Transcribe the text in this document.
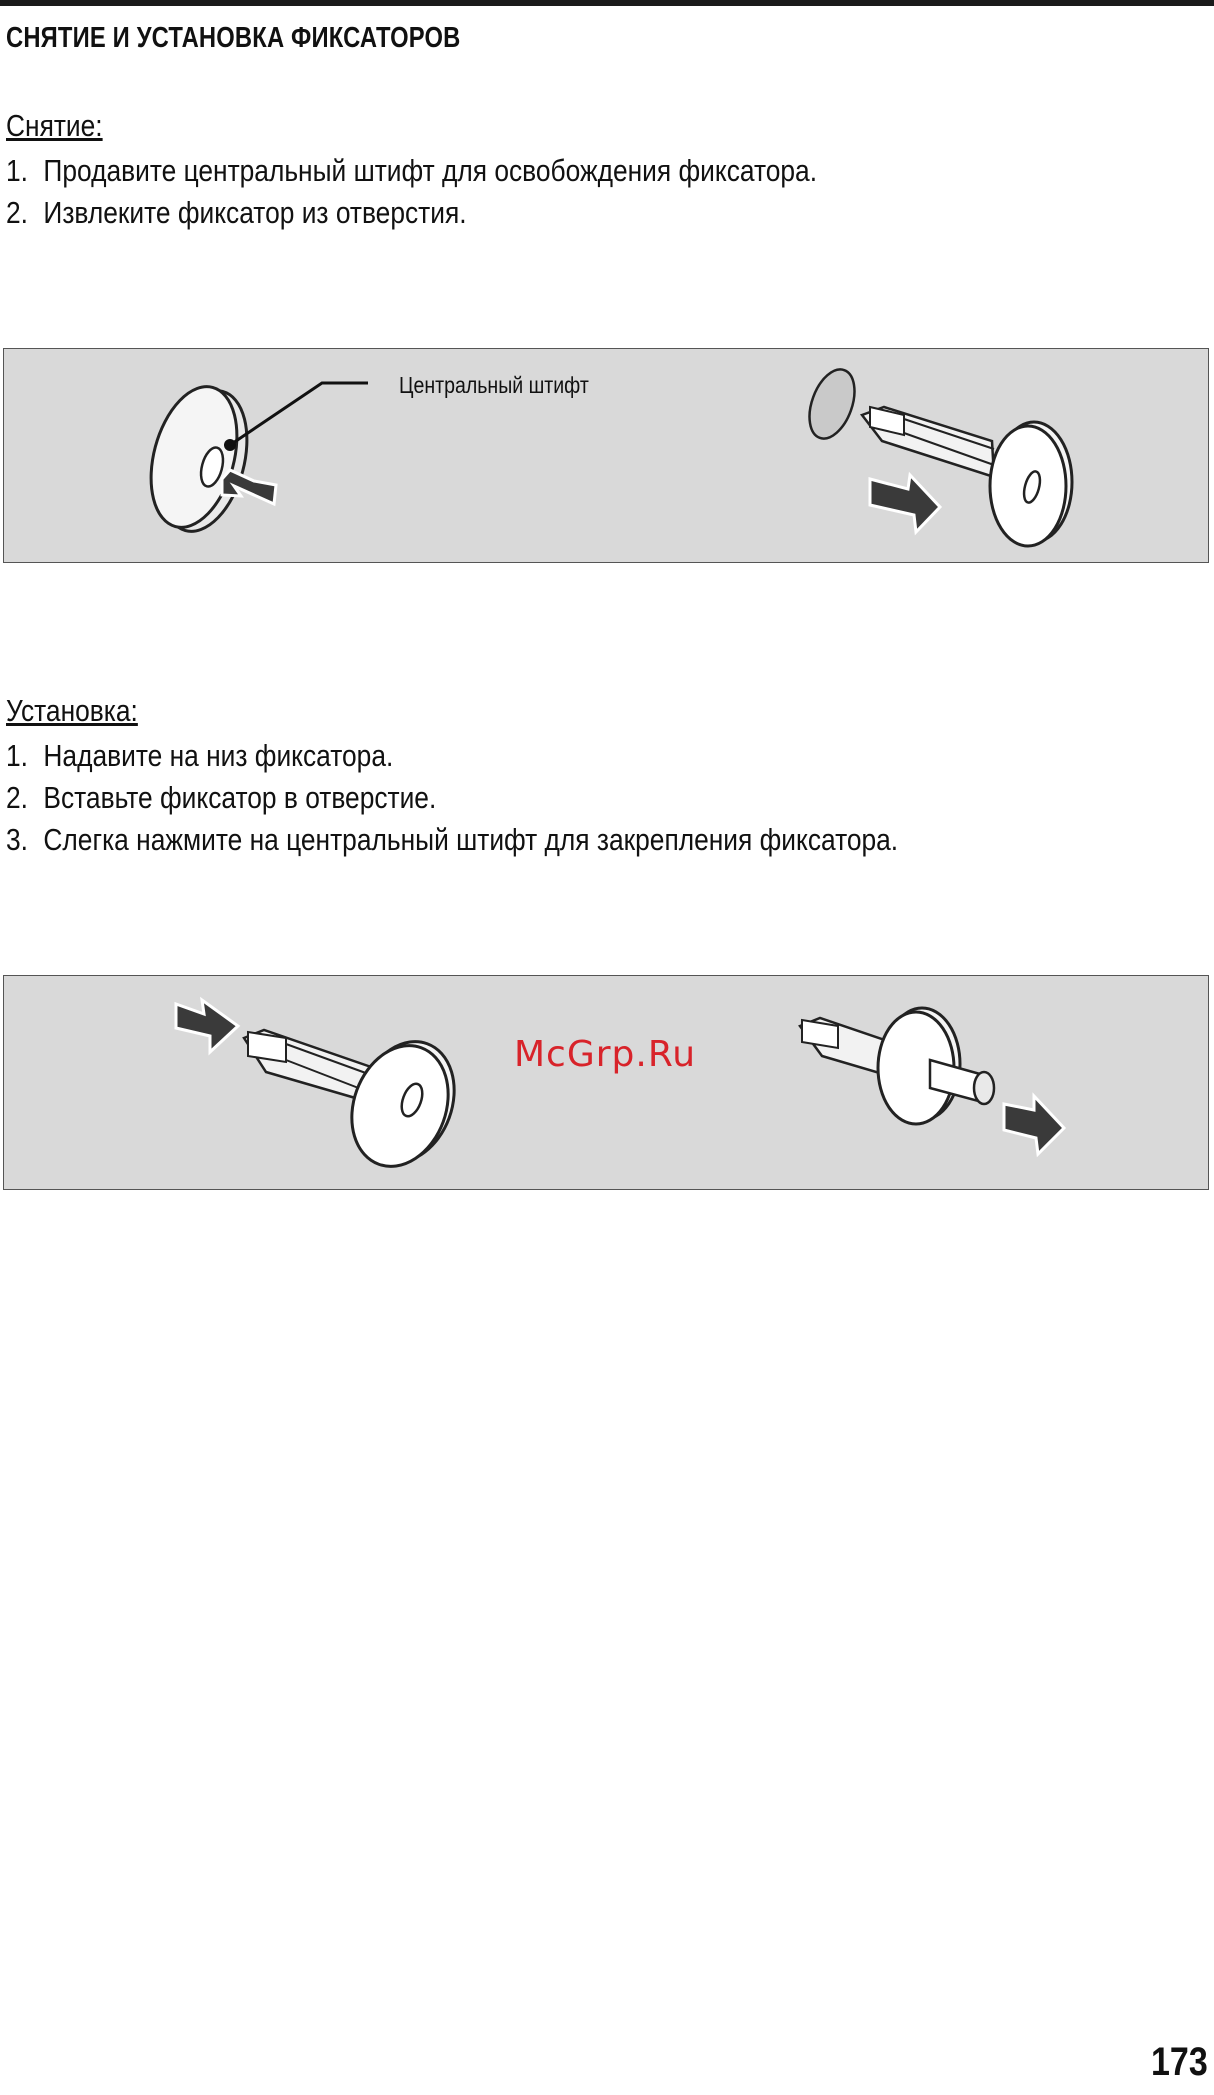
СНЯТИЕ И УСТАНОВКА ФИКСАТОРОВ
Снятие:
1. Продавите центральный штифт для освобождения фиксатора.
2. Извлеките фиксатор из отверстия.
Центральный штифт
Установка:
1. Надавите на низ фиксатора.
2. Вставьте фиксатор в отверстие.
3. Слегка нажмите на центральный штифт для закрепления фиксатора.
McGrp.Ru
173
